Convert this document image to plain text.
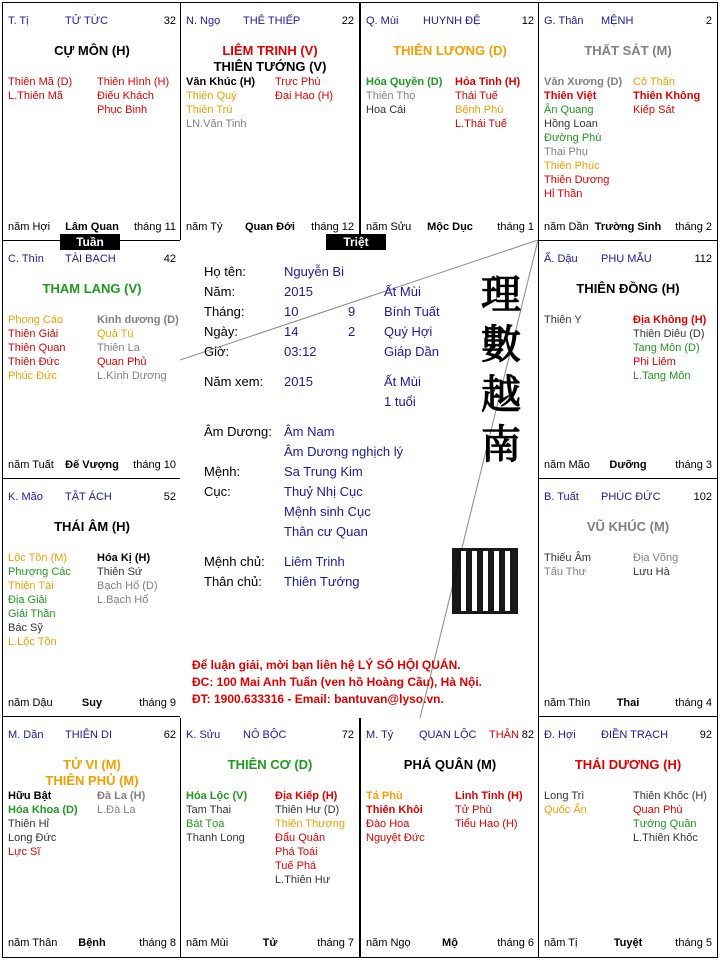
T. Tị	TỬ TỨC	32
CỰ MÔN (H)
Thiên Mã (D)
L.Thiên Mã
Thiên Hình (H)
Điếu Khách
Phục Binh
năm Hợi	Lâm Quan	tháng 11
N. Ngọ THÊ THIẾP	22
LIÊM TRINH (V)
THIÊN TƯỚNG (V)
Văn Khúc (H)
Thiên Quý
Thiên Trù
LN.Văn Tinh
Trực Phù
Đại Hao (H)
năm Tý	Quan Đới	tháng 12
Q. Mùi HUYNH ĐỆ	12
THIÊN LƯƠNG (D)
Hóa Quyền (D)
Thiên Thọ
Hoa Cái
Hỏa Tinh (H)
Thái Tuế
Bệnh Phù
L.Thái Tuế
năm Sửu	Mộc Dục	tháng 1
G. Thân MỆNH	2
THẤT SÁT (M)
Văn Xương (D)
Thiên Việt
Ân Quang
Hồng Loan
Đường Phù
Thai Phụ
Thiên Phúc
Thiên Dương
Hỉ Thần
Cô Thần
Thiên Không
Kiếp Sát
năm Dần Trường Sinh	tháng 2
C. Thìn TÀI BẠCH	42
THAM LANG (V)
Phong Cáo
Thiên Giải
Thiên Quan
Thiên Đức
Phúc Đức
Kình dương (D)
Quả Tú
Thiên La
Quan Phủ
L.Kình Dương
năm Tuất	Đế Vượng	tháng 10
Ấ. Dậu PHỤ MẪU	112
THIÊN ĐỒNG (H)
Thiên Y	Địa Không (H)
Thiên Diêu (D)
Tang Môn (D)
Phi Liêm
L.Tang Môn
năm Mão	Dưỡng	tháng 3
K. Mão TẬT ÁCH	52
THÁI ÂM (H)
Lộc Tồn (M)
Phượng Các
Thiên Tài
Địa Giải
Giải Thần
Bác Sỹ
L.Lộc Tồn
Hóa Kị (H)
Thiên Sứ
Bạch Hổ (D)
L.Bạch Hổ
năm Dậu	Suy	tháng 9
B. Tuất PHÚC ĐỨC	102
VŨ KHÚC (M)
Thiếu Âm
Tấu Thư
Địa Võng
Lưu Hà
năm Thìn	Thai	tháng 4
M. Dần THIÊN DI	62
TỬ VI (M)
THIÊN PHỦ (M)
Hữu Bật
Hóa Khoa (D)
Thiên Hỉ
Long Đức
Lực Sĩ
Đà La (H)
L.Đà La
năm Thân	Bệnh	tháng 8
K. Sửu NÔ BỘC	72
THIÊN CƠ (D)
Hóa Lộc (V)
Tam Thai
Bát Tọa
Thanh Long
Địa Kiếp (H)
Thiên Hư (D)
Thiên Thương
Đẩu Quân
Phá Toái
Tuế Phá
L.Thiên Hư
năm Mùi	Tử	tháng 7
M. Tý QUAN LỘC THÂN 82
PHÁ QUÂN (M)
Tả Phù
Thiên Khôi
Đào Hoa
Nguyệt Đức
Linh Tinh (H)
Tử Phù
Tiểu Hao (H)
năm Ngọ	Mộ	tháng 6
Đ. Hợi ĐIỀN TRẠCH	92
THÁI DƯƠNG (H)
Long Trì
Quốc Ấn
Thiên Khốc (H)
Quan Phù
Tướng Quân
L.Thiên Khốc
năm Tị	Tuyệt	tháng 5
Họ tên:	Nguyễn Bi
Năm:	2015	Ất Mùi
Tháng:	10	9 Bính Tuất
Ngày:	14	2 Quý Hợi
Giờ:	03:12	Giáp Dần
Năm xem: 2015	Ất Mùi
1 tuổi
Âm Dương: Âm Nam
Âm Dương nghịch lý
Mệnh:	Sa Trung Kim
Cục:	Thuỷ Nhị Cục
Mệnh sinh Cục
Thân cư Quan
Mệnh chủ: Liêm Trinh
Thân chủ: Thiên Tướng
理數越南
Để luận giải, mời bạn liên hệ LÝ SỐ HỘI QUÁN.
ĐC: 100 Mai Anh Tuấn (ven hồ Hoàng Cầu), Hà Nội.
ĐT: 1900.633316 - Email: bantuvan@lyso.vn.
Tuần	Triệt
